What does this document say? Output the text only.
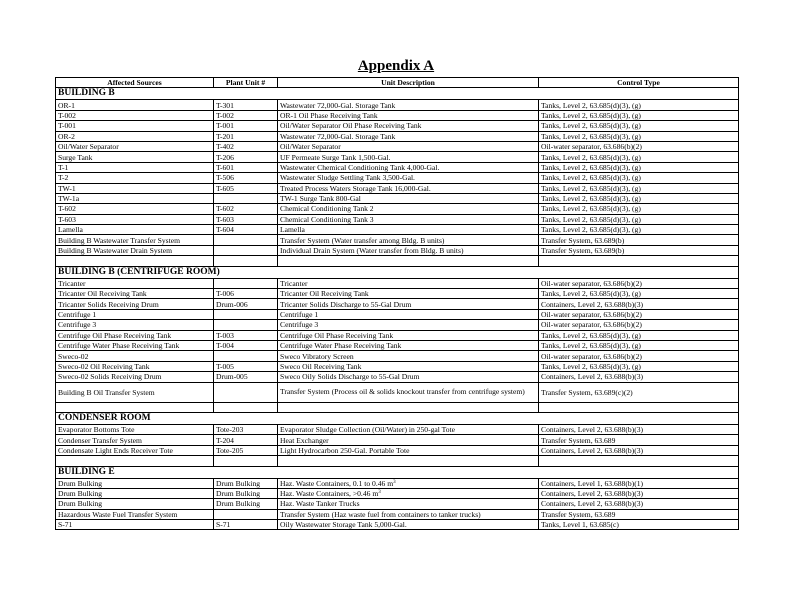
Appendix A
Affected Sources	Plant Unit #	Unit Description	Control Type
BUILDING B			
OR-1	T-301	Wastewater 72,000-Gal. Storage Tank	Tanks, Level 2, 63.685(d)(3), (g)
T-002	T-002	OR-1 Oil Phase Receiving Tank	Tanks, Level 2, 63.685(d)(3), (g)
T-001	T-001	Oil/Water Separator Oil Phase Receiving Tank	Tanks, Level 2, 63.685(d)(3), (g)
OR-2	T-201	Wastewater 72,000-Gal. Storage Tank	Tanks, Level 2, 63.685(d)(3), (g)
Oil/Water Separator	T-402	Oil/Water Separator	Oil-water separator, 63.686(b)(2)
Surge Tank	T-206	UF Permeate Surge Tank 1,500-Gal.	Tanks, Level 2, 63.685(d)(3), (g)
T-1	T-601	Wastewater Chemical Conditioning Tank 4,000-Gal.	Tanks, Level 2, 63.685(d)(3), (g)
T-2	T-506	Wastewater Sludge Settling Tank 3,500-Gal.	Tanks, Level 2, 63.685(d)(3), (g)
TW-1	T-605	Treated Process Waters Storage Tank 16,000-Gal.	Tanks, Level 2, 63.685(d)(3), (g)
TW-1a		TW-1 Surge Tank 800-Gal	Tanks, Level 2, 63.685(d)(3), (g)
T-602	T-602	Chemical Conditioning Tank 2	Tanks, Level 2, 63.685(d)(3), (g)
T-603	T-603	Chemical Conditioning Tank 3	Tanks, Level 2, 63.685(d)(3), (g)
Lamella	T-604	Lamella	Tanks, Level 2, 63.685(d)(3), (g)
Building B Wastewater Transfer System		Transfer System (Water transfer among Bldg. B units)	Transfer System, 63.689(b)
Building B Wastewater Drain System		Individual Drain System (Water transfer from Bldg. B units)	Transfer System, 63.689(b)

BUILDING B (CENTRIFUGE ROOM)			
Tricanter		Tricanter	Oil-water separator, 63.686(b)(2)
Tricanter Oil Receiving Tank	T-006	Tricanter Oil Receiving Tank	Tanks, Level 2, 63.685(d)(3), (g)
Tricanter Solids Receiving Drum	Drum-006	Tricanter Solids Discharge to 55-Gal Drum	Containers, Level 2, 63.688(b)(3)
Centrifuge 1		Centrifuge 1	Oil-water separator, 63.686(b)(2)
Centrifuge 3		Centrifuge 3	Oil-water separator, 63.686(b)(2)
Centrifuge Oil Phase Receiving Tank	T-003	Centrifuge Oil Phase Receiving Tank	Tanks, Level 2, 63.685(d)(3), (g)
Centrifuge Water Phase Receiving Tank	T-004	Centrifuge Water Phase Receiving Tank	Tanks, Level 2, 63.685(d)(3), (g)
Sweco-02		Sweco Vibratory Screen	Oil-water separator, 63.686(b)(2)
Sweco-02 Oil Receiving Tank	T-005	Sweco Oil Receiving Tank	Tanks, Level 2, 63.685(d)(3), (g)
Sweco-02 Solids Receiving Drum	Drum-005	Sweco Oily Solids Discharge to 55-Gal Drum	Containers, Level 2, 63.688(b)(3)
Building B Oil Transfer System		Transfer System (Process oil & solids knockout transfer from centrifuge system)	Transfer System, 63.689(c)(2)

CONDENSER ROOM			
Evaporator Bottoms Tote	Tote-203	Evaporator Sludge Collection (Oil/Water) in 250-gal Tote	Containers, Level 2, 63.688(b)(3)
Condenser Transfer System	T-204	Heat Exchanger	Transfer System, 63.689
Condensate Light Ends Receiver Tote	Tote-205	Light Hydrocarbon 250-Gal. Portable Tote	Containers, Level 2, 63.688(b)(3)

BUILDING E			
Drum Bulking	Drum Bulking	Haz. Waste Containers, 0.1 to 0.46 $m^3$	Containers, Level 1, 63.688(b)(1)
Drum Bulking	Drum Bulking	Haz. Waste Containers, >0.46 $m^3$	Containers, Level 2, 63.688(b)(3)
Drum Bulking	Drum Bulking	Haz. Waste Tanker Trucks	Containers, Level 2, 63.688(b)(3)
Hazardous Waste Fuel Transfer System		Transfer System (Haz waste fuel from containers to tanker trucks)	Transfer System, 63.689
S-71	S-71	Oily Wastewater Storage Tank 5,000-Gal.	Tanks, Level 1, 63.685(c)
